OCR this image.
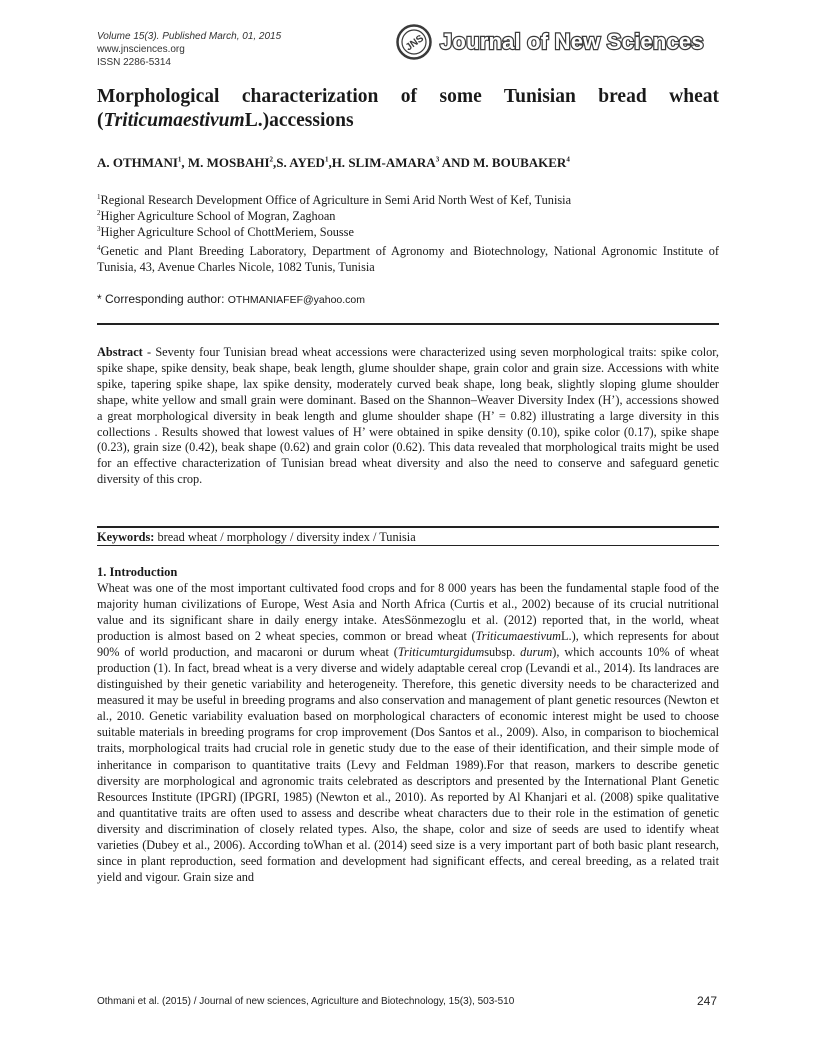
Volume 15(3). Published March, 01, 2015
www.jnsciences.org
ISSN 2286-5314
JNS Journal of New Sciences
Morphological characterization of some Tunisian bread wheat
(TriticumaestivumL.)accessions
A. OTHMANI$^1$, M. MOSBAHI$^2$,S. AYED$^1$,H. SLIM-AMARA$^3$ AND M. BOUBAKER$^4$
$^1$Regional Research Development Office of Agriculture in Semi Arid North West of Kef, Tunisia
$^2$Higher Agriculture School of Mogran, Zaghoan
$^3$Higher Agriculture School of ChottMeriem, Sousse
$^4$Genetic and Plant Breeding Laboratory, Department of Agronomy and Biotechnology, National Agronomic Institute of Tunisia, 43, Avenue Charles Nicole, 1082 Tunis, Tunisia
* Corresponding author: OTHMANIAFEF@yahoo.com
Abstract - Seventy four Tunisian bread wheat accessions were characterized using seven morphological traits: spike color, spike shape, spike density, beak shape, beak length, glume shoulder shape, grain color and grain size. Accessions with white spike, tapering spike shape, lax spike density, moderately curved beak shape, long beak, slightly sloping glume shoulder shape, white yellow and small grain were dominant. Based on the Shannon–Weaver Diversity Index (H’), accessions showed a great morphological diversity in beak length and glume shoulder shape (H’ = 0.82) illustrating a large diversity in this collections . Results showed that lowest values of H’ were obtained in spike density (0.10), spike color (0.17), spike shape (0.23), grain size (0.42), beak shape (0.62) and grain color (0.62). This data revealed that morphological traits might be used for an effective characterization of Tunisian bread wheat diversity and also the need to conserve and safeguard genetic diversity of this crop.
Keywords: bread wheat / morphology / diversity index / Tunisia
1. Introduction
Wheat was one of the most important cultivated food crops and for 8 000 years has been the fundamental staple food of the majority human civilizations of Europe, West Asia and North Africa (Curtis et al., 2002) because of its crucial nutritional value and its significant share in daily energy intake. AtesSönmezoglu et al. (2012) reported that, in the world, wheat production is almost based on 2 wheat species, common or bread wheat (TriticumaestivumL.), which represents for about 90% of world production, and macaroni or durum wheat (Triticumturgidumsubsp. durum), which accounts 10% of wheat production (1). In fact, bread wheat is a very diverse and widely adaptable cereal crop (Levandi et al., 2014). Its landraces are distinguished by their genetic variability and heterogeneity. Therefore, this genetic diversity needs to be characterized and measured it may be useful in breeding programs and also conservation and management of plant genetic resources (Newton et al., 2010. Genetic variability evaluation based on morphological characters of economic interest might be used to choose suitable materials in breeding programs for crop improvement (Dos Santos et al., 2009). Also, in comparison to biochemical traits, morphological traits had crucial role in genetic study due to the ease of their identification, and their simple mode of inheritance in comparison to quantitative traits (Levy and Feldman 1989).For that reason, markers to describe genetic diversity are morphological and agronomic traits celebrated as descriptors and presented by the International Plant Genetic Resources Institute (IPGRI) (IPGRI, 1985) (Newton et al., 2010). As reported by Al Khanjari et al. (2008) spike qualitative and quantitative traits are often used to assess and describe wheat characters due to their role in the estimation of genetic diversity and discrimination of closely related types. Also, the shape, color and size of seeds are used to identify wheat varieties (Dubey et al., 2006). According toWhan et al. (2014) seed size is a very important part of both basic plant research, since in plant reproduction, seed formation and development had significant effects, and cereal breeding, as a related trait yield and vigour. Grain size and
Othmani et al. (2015) / Journal of new sciences, Agriculture and Biotechnology, 15(3), 503-510	247
